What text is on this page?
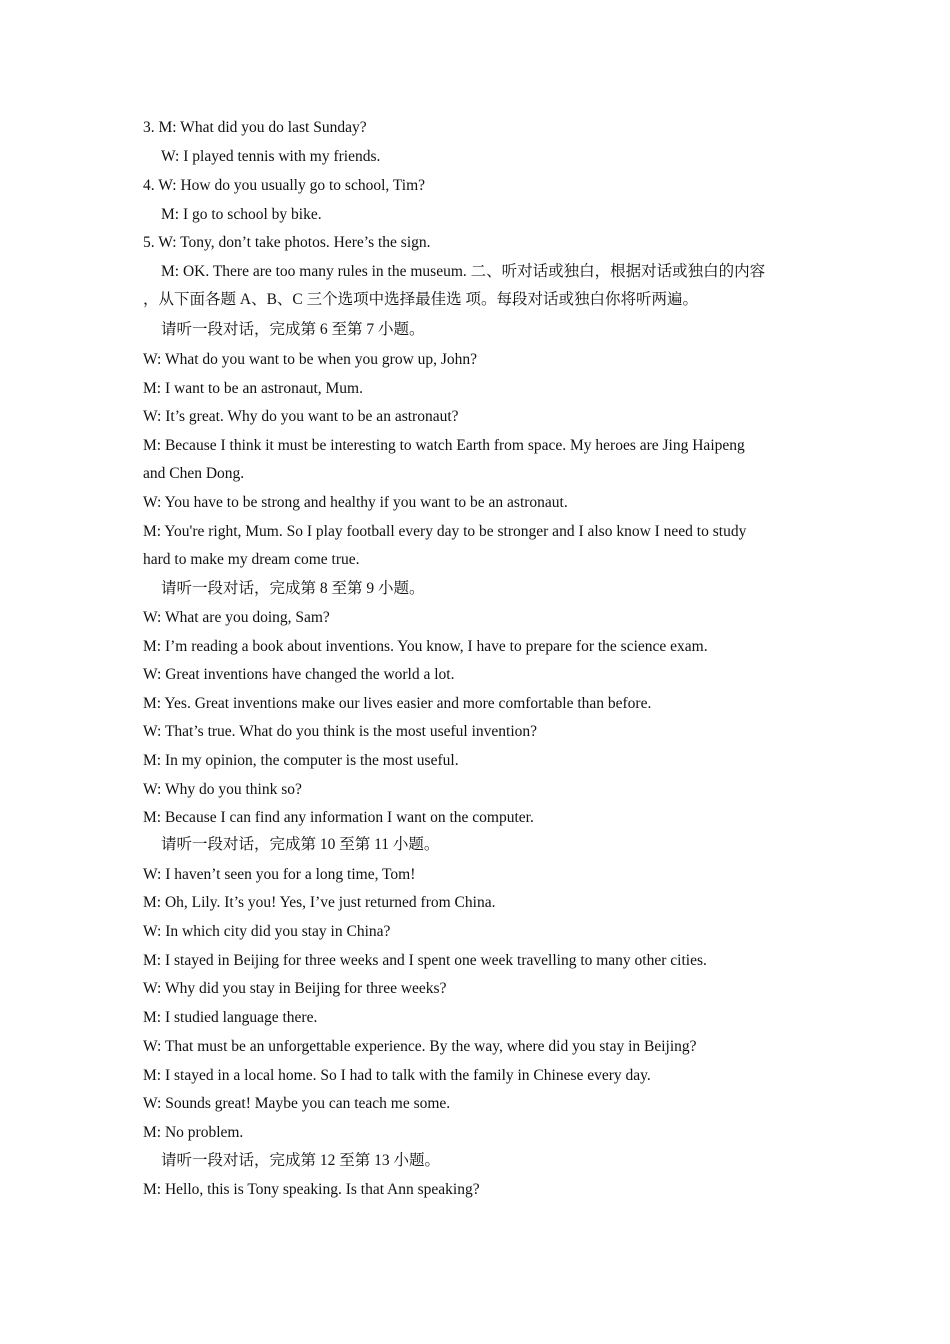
3. M: What did you do last Sunday?
W: I played tennis with my friends.
4. W: How do you usually go to school, Tim?
M: I go to school by bike.
5. W: Tony, don’t take photos. Here’s the sign.
M: OK. There are too many rules in the museum. 二、听对话或独白，根据对话或独白的内容
，从下面各题 A、B、C 三个选项中选择最佳选 项。每段对话或独白你将听两遍。
请听一段对话，完成第 6 至第 7 小题。
W: What do you want to be when you grow up, John?
M: I want to be an astronaut, Mum.
W: It’s great. Why do you want to be an astronaut?
M: Because I think it must be interesting to watch Earth from space. My heroes are Jing Haipeng
and Chen Dong.
W: You have to be strong and healthy if you want to be an astronaut.
M: You're right, Mum. So I play football every day to be stronger and I also know I need to study
hard to make my dream come true.
请听一段对话，完成第 8 至第 9 小题。
W: What are you doing, Sam?
M: I’m reading a book about inventions. You know, I have to prepare for the science exam.
W: Great inventions have changed the world a lot.
M: Yes. Great inventions make our lives easier and more comfortable than before.
W: That’s true. What do you think is the most useful invention?
M: In my opinion, the computer is the most useful.
W: Why do you think so?
M: Because I can find any information I want on the computer.
请听一段对话，完成第 10 至第 11 小题。
W: I haven’t seen you for a long time, Tom!
M: Oh, Lily. It’s you! Yes, I’ve just returned from China.
W: In which city did you stay in China?
M: I stayed in Beijing for three weeks and I spent one week travelling to many other cities.
W: Why did you stay in Beijing for three weeks?
M: I studied language there.
W: That must be an unforgettable experience. By the way, where did you stay in Beijing?
M: I stayed in a local home. So I had to talk with the family in Chinese every day.
W: Sounds great! Maybe you can teach me some.
M: No problem.
请听一段对话，完成第 12 至第 13 小题。
M: Hello, this is Tony speaking. Is that Ann speaking?
